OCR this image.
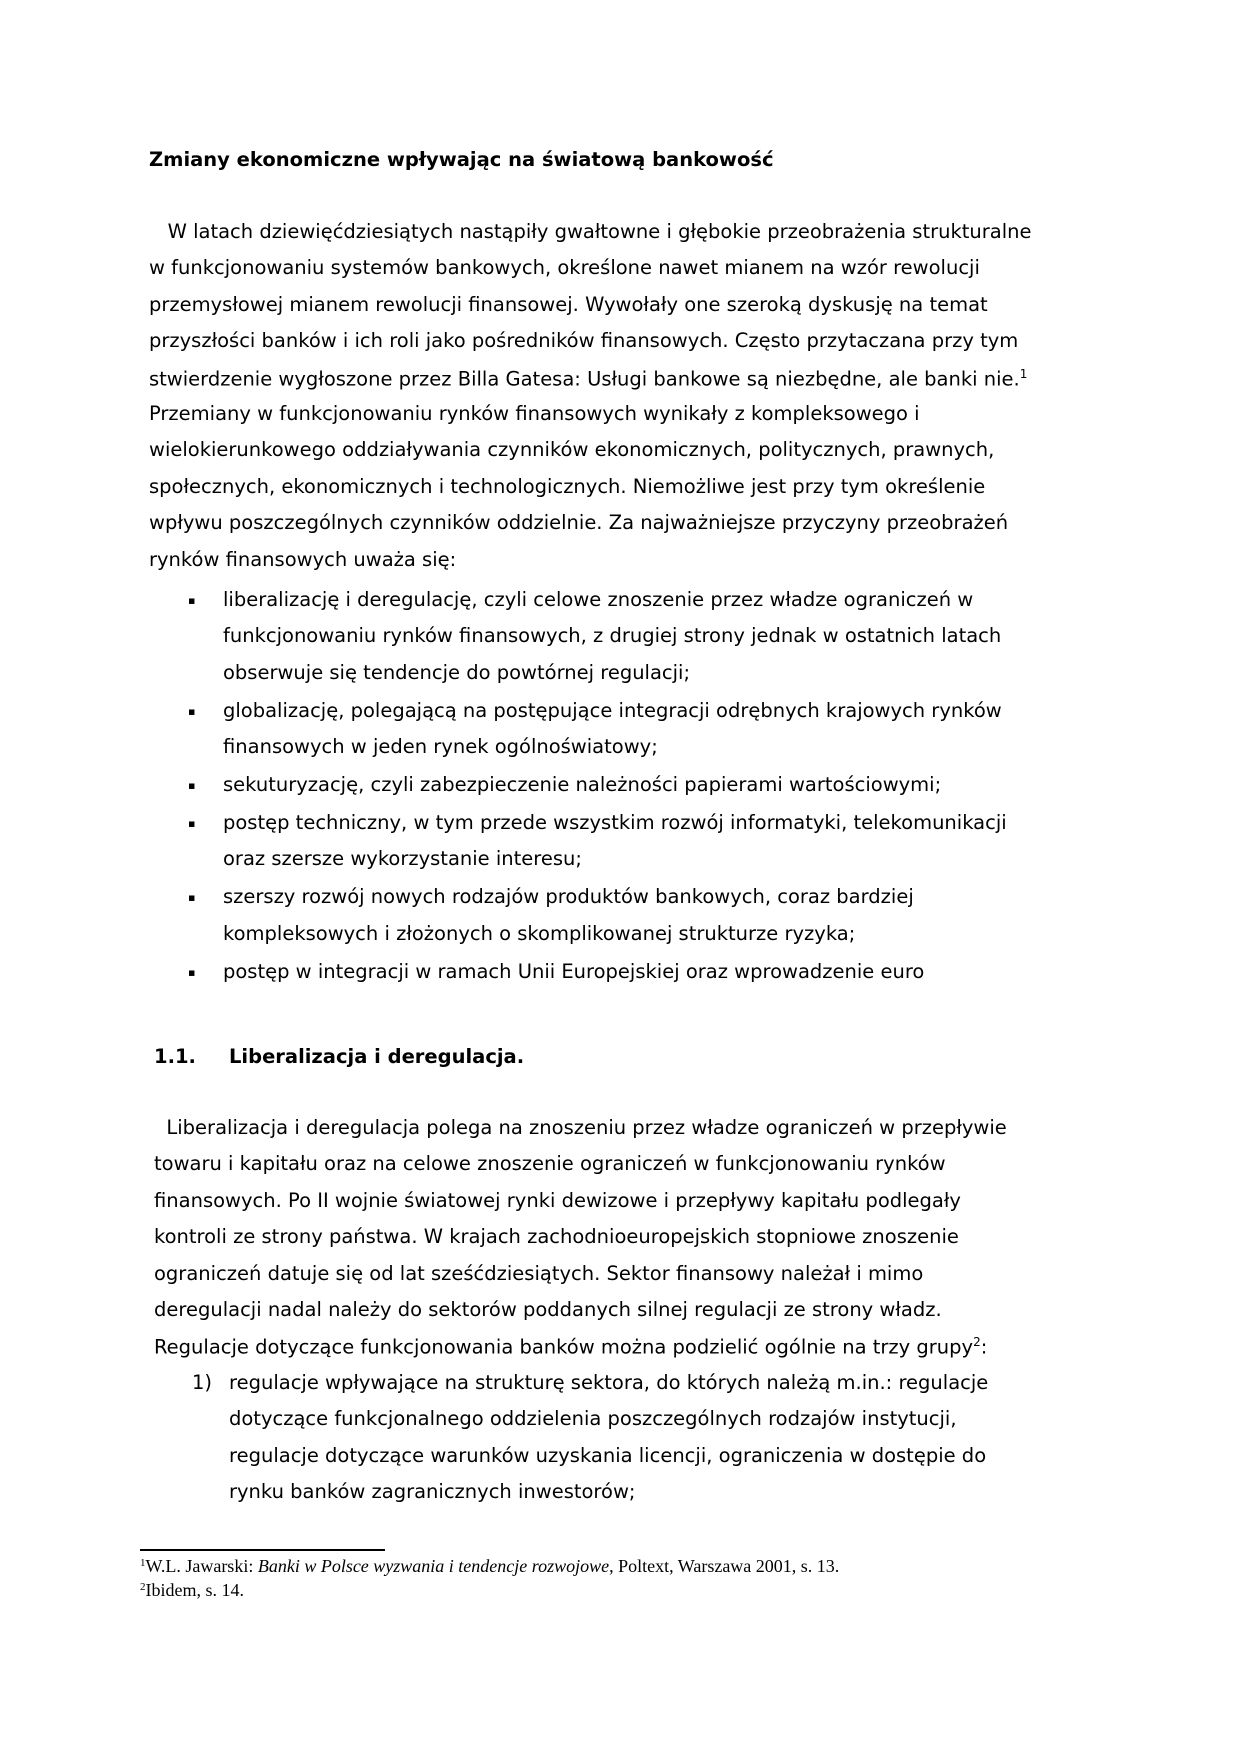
Zmiany ekonomiczne wpływając na światową bankowość
W latach dziewięćdziesiątych nastąpiły gwałtowne i głębokie przeobrażenia strukturalne
w funkcjonowaniu systemów bankowych, określone nawet mianem na wzór rewolucji
przemysłowej mianem rewolucji finansowej. Wywołały one szeroką dyskusję na temat
przyszłości banków i ich roli jako pośredników finansowych. Często przytaczana przy tym
stwierdzenie wygłoszone przez Billa Gatesa: Usługi bankowe są niezbędne, ale banki nie.$^1$
Przemiany w funkcjonowaniu rynków finansowych wynikały z kompleksowego i
wielokierunkowego oddziaływania czynników ekonomicznych, politycznych, prawnych,
społecznych, ekonomicznych i technologicznych. Niemożliwe jest przy tym określenie
wpływu poszczególnych czynników oddzielnie. Za najważniejsze przyczyny przeobrażeń
rynków finansowych uważa się:
▪ liberalizację i deregulację, czyli celowe znoszenie przez władze ograniczeń w
funkcjonowaniu rynków finansowych, z drugiej strony jednak w ostatnich latach
obserwuje się tendencje do powtórnej regulacji;
▪ globalizację, polegającą na postępujące integracji odrębnych krajowych rynków
finansowych w jeden rynek ogólnoświatowy;
▪ sekuturyzację, czyli zabezpieczenie należności papierami wartościowymi;
▪ postęp techniczny, w tym przede wszystkim rozwój informatyki, telekomunikacji
oraz szersze wykorzystanie interesu;
▪ szerszy rozwój nowych rodzajów produktów bankowych, coraz bardziej
kompleksowych i złożonych o skomplikowanej strukturze ryzyka;
▪ postęp w integracji w ramach Unii Europejskiej oraz wprowadzenie euro
1.1. Liberalizacja i deregulacja.
Liberalizacja i deregulacja polega na znoszeniu przez władze ograniczeń w przepływie
towaru i kapitału oraz na celowe znoszenie ograniczeń w funkcjonowaniu rynków
finansowych. Po II wojnie światowej rynki dewizowe i przepływy kapitału podlegały
kontroli ze strony państwa. W krajach zachodnioeuropejskich stopniowe znoszenie
ograniczeń datuje się od lat sześćdziesiątych. Sektor finansowy należał i mimo
deregulacji nadal należy do sektorów poddanych silnej regulacji ze strony władz.
Regulacje dotyczące funkcjonowania banków można podzielić ogólnie na trzy grupy$^2$:
1) regulacje wpływające na strukturę sektora, do których należą m.in.: regulacje
dotyczące funkcjonalnego oddzielenia poszczególnych rodzajów instytucji,
regulacje dotyczące warunków uzyskania licencji, ograniczenia w dostępie do
rynku banków zagranicznych inwestorów;
$^1$W.L. Jawarski: Banki w Polsce wyzwania i tendencje rozwojowe, Poltext, Warszawa 2001, s. 13.
$^2$Ibidem, s. 14.
